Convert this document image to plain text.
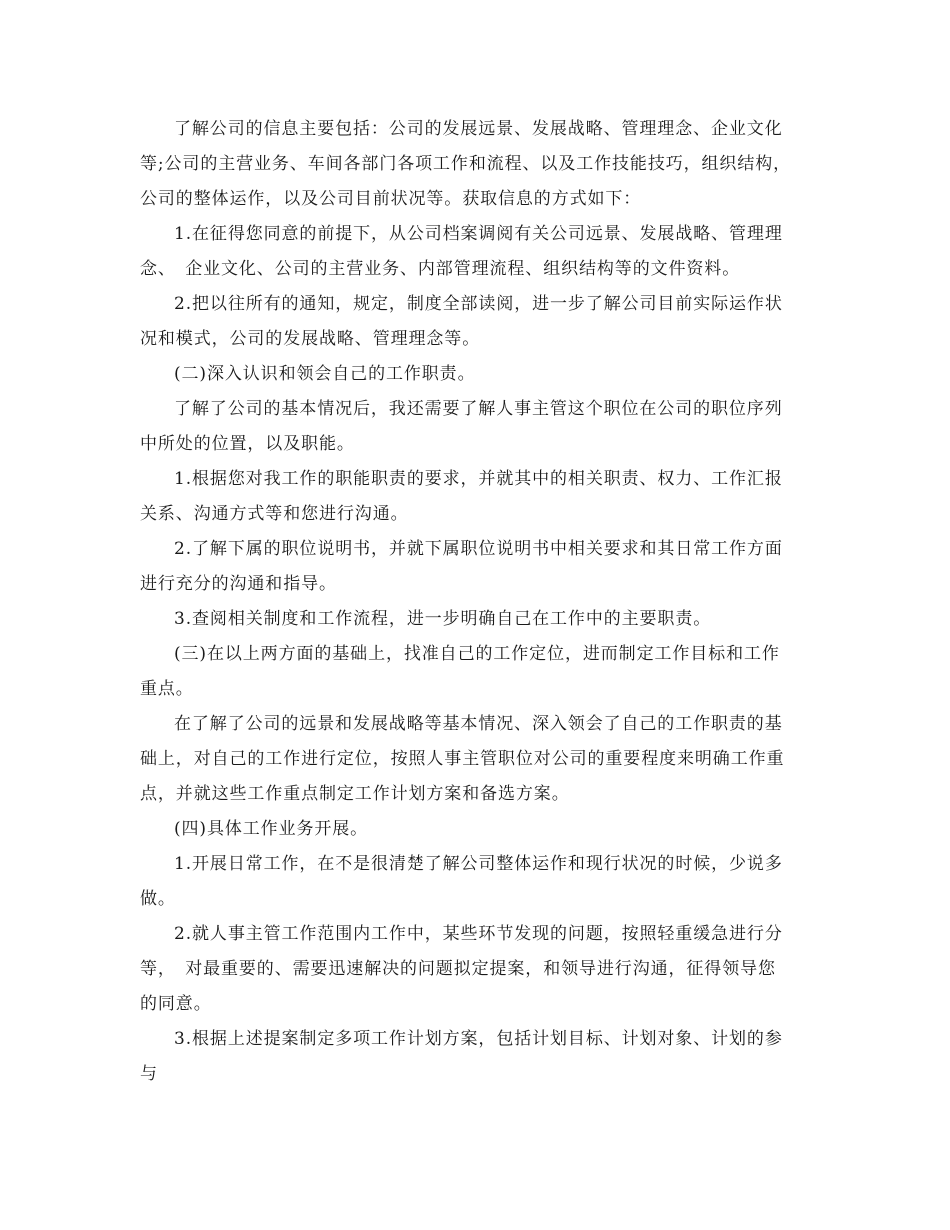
了解公司的信息主要包括：公司的发展远景、发展战略、管理理念、企业文化
等;公司的主营业务、车间各部门各项工作和流程、以及工作技能技巧，组织结构，
公司的整体运作，以及公司目前状况等。获取信息的方式如下：
1.在征得您同意的前提下，从公司档案调阅有关公司远景、发展战略、管理理
念、　企业文化、公司的主营业务、内部管理流程、组织结构等的文件资料。
2.把以往所有的通知，规定，制度全部读阅，进一步了解公司目前实际运作状
况和模式，公司的发展战略、管理理念等。
(二)深入认识和领会自己的工作职责。
了解了公司的基本情况后，我还需要了解人事主管这个职位在公司的职位序列
中所处的位置，以及职能。
1.根据您对我工作的职能职责的要求，并就其中的相关职责、权力、工作汇报
关系、沟通方式等和您进行沟通。
2.了解下属的职位说明书，并就下属职位说明书中相关要求和其日常工作方面
进行充分的沟通和指导。
3.查阅相关制度和工作流程，进一步明确自己在工作中的主要职责。
(三)在以上两方面的基础上，找准自己的工作定位，进而制定工作目标和工作
重点。
在了解了公司的远景和发展战略等基本情况、深入领会了自己的工作职责的基
础上，对自己的工作进行定位，按照人事主管职位对公司的重要程度来明确工作重
点，并就这些工作重点制定工作计划方案和备选方案。
(四)具体工作业务开展。
1.开展日常工作，在不是很清楚了解公司整体运作和现行状况的时候，少说多
做。
2.就人事主管工作范围内工作中，某些环节发现的问题，按照轻重缓急进行分
等，　对最重要的、需要迅速解决的问题拟定提案，和领导进行沟通，征得领导您
的同意。
3.根据上述提案制定多项工作计划方案，包括计划目标、计划对象、计划的参
与
